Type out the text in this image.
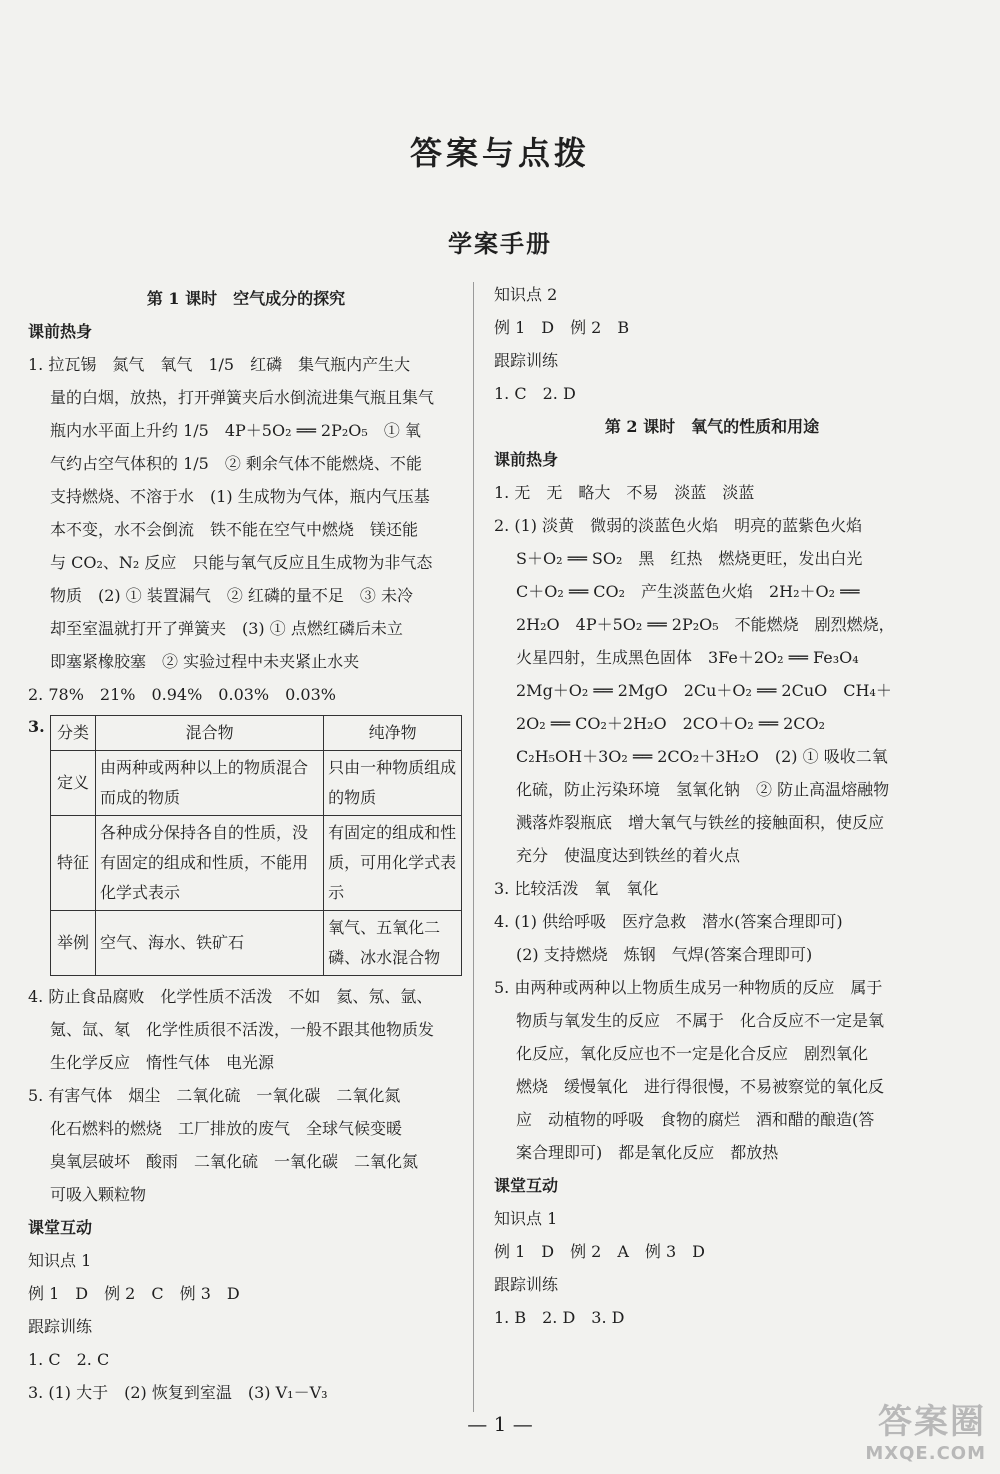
答案与点拨
学案手册
第 1 课时　空气成分的探究
课前热身
1. 拉瓦锡　氮气　氧气　1/5　红磷　集气瓶内产生大
量的白烟，放热，打开弹簧夹后水倒流进集气瓶且集气
瓶内水平面上升约 1/5　4P＋5O₂ ══ 2P₂O₅　① 氧
气约占空气体积的 1/5　② 剩余气体不能燃烧、不能
支持燃烧、不溶于水　(1) 生成物为气体，瓶内气压基
本不变，水不会倒流　铁不能在空气中燃烧　镁还能
与 CO₂、N₂ 反应　只能与氧气反应且生成物为非气态
物质　(2) ① 装置漏气　② 红磷的量不足　③ 未冷
却至室温就打开了弹簧夹　(3) ① 点燃红磷后未立
即塞紧橡胶塞　② 实验过程中未夹紧止水夹
2. 78%　21%　0.94%　0.03%　0.03%
3. 分类	混合物	纯净物
定义	由两种或两种以上的物质混合而成的物质	只由一种物质组成的物质
特征	各种成分保持各自的性质，没有固定的组成和性质，不能用化学式表示	有固定的组成和性质，可用化学式表示
举例	空气、海水、铁矿石	氧气、五氧化二磷、冰水混合物
4. 防止食品腐败　化学性质不活泼　不如　氦、氖、氩、
氪、氙、氡　化学性质很不活泼，一般不跟其他物质发
生化学反应　惰性气体　电光源
5. 有害气体　烟尘　二氧化硫　一氧化碳　二氧化氮
化石燃料的燃烧　工厂排放的废气　全球气候变暖
臭氧层破坏　酸雨　二氧化硫　一氧化碳　二氧化氮
可吸入颗粒物
课堂互动
知识点 1
例 1　D　例 2　C　例 3　D
跟踪训练
1. C　2. C
3. (1) 大于　(2) 恢复到室温　(3) V₁－V₃
知识点 2
例 1　D　例 2　B
跟踪训练
1. C　2. D
第 2 课时　氧气的性质和用途
课前热身
1. 无　无　略大　不易　淡蓝　淡蓝
2. (1) 淡黄　微弱的淡蓝色火焰　明亮的蓝紫色火焰
S＋O₂ ══ SO₂　黑　红热　燃烧更旺，发出白光
C＋O₂ ══ CO₂　产生淡蓝色火焰　2H₂＋O₂ ══
2H₂O　4P＋5O₂ ══ 2P₂O₅　不能燃烧　剧烈燃烧，
火星四射，生成黑色固体　3Fe＋2O₂ ══ Fe₃O₄
2Mg＋O₂ ══ 2MgO　2Cu＋O₂ ══ 2CuO　CH₄＋
2O₂ ══ CO₂＋2H₂O　2CO＋O₂ ══ 2CO₂
C₂H₅OH＋3O₂ ══ 2CO₂＋3H₂O　(2) ① 吸收二氧
化硫，防止污染环境　氢氧化钠　② 防止高温熔融物
溅落炸裂瓶底　增大氧气与铁丝的接触面积，使反应
充分　使温度达到铁丝的着火点
3. 比较活泼　氧　氧化
4. (1) 供给呼吸　医疗急救　潜水(答案合理即可)
(2) 支持燃烧　炼钢　气焊(答案合理即可)
5. 由两种或两种以上物质生成另一种物质的反应　属于
物质与氧发生的反应　不属于　化合反应不一定是氧
化反应，氧化反应也不一定是化合反应　剧烈氧化
燃烧　缓慢氧化　进行得很慢，不易被察觉的氧化反
应　动植物的呼吸　食物的腐烂　酒和醋的酿造(答
案合理即可)　都是氧化反应　都放热
课堂互动
知识点 1
例 1　D　例 2　A　例 3　D
跟踪训练
1. B　2. D　3. D
— 1 —	答案圈
MXQE.COM
